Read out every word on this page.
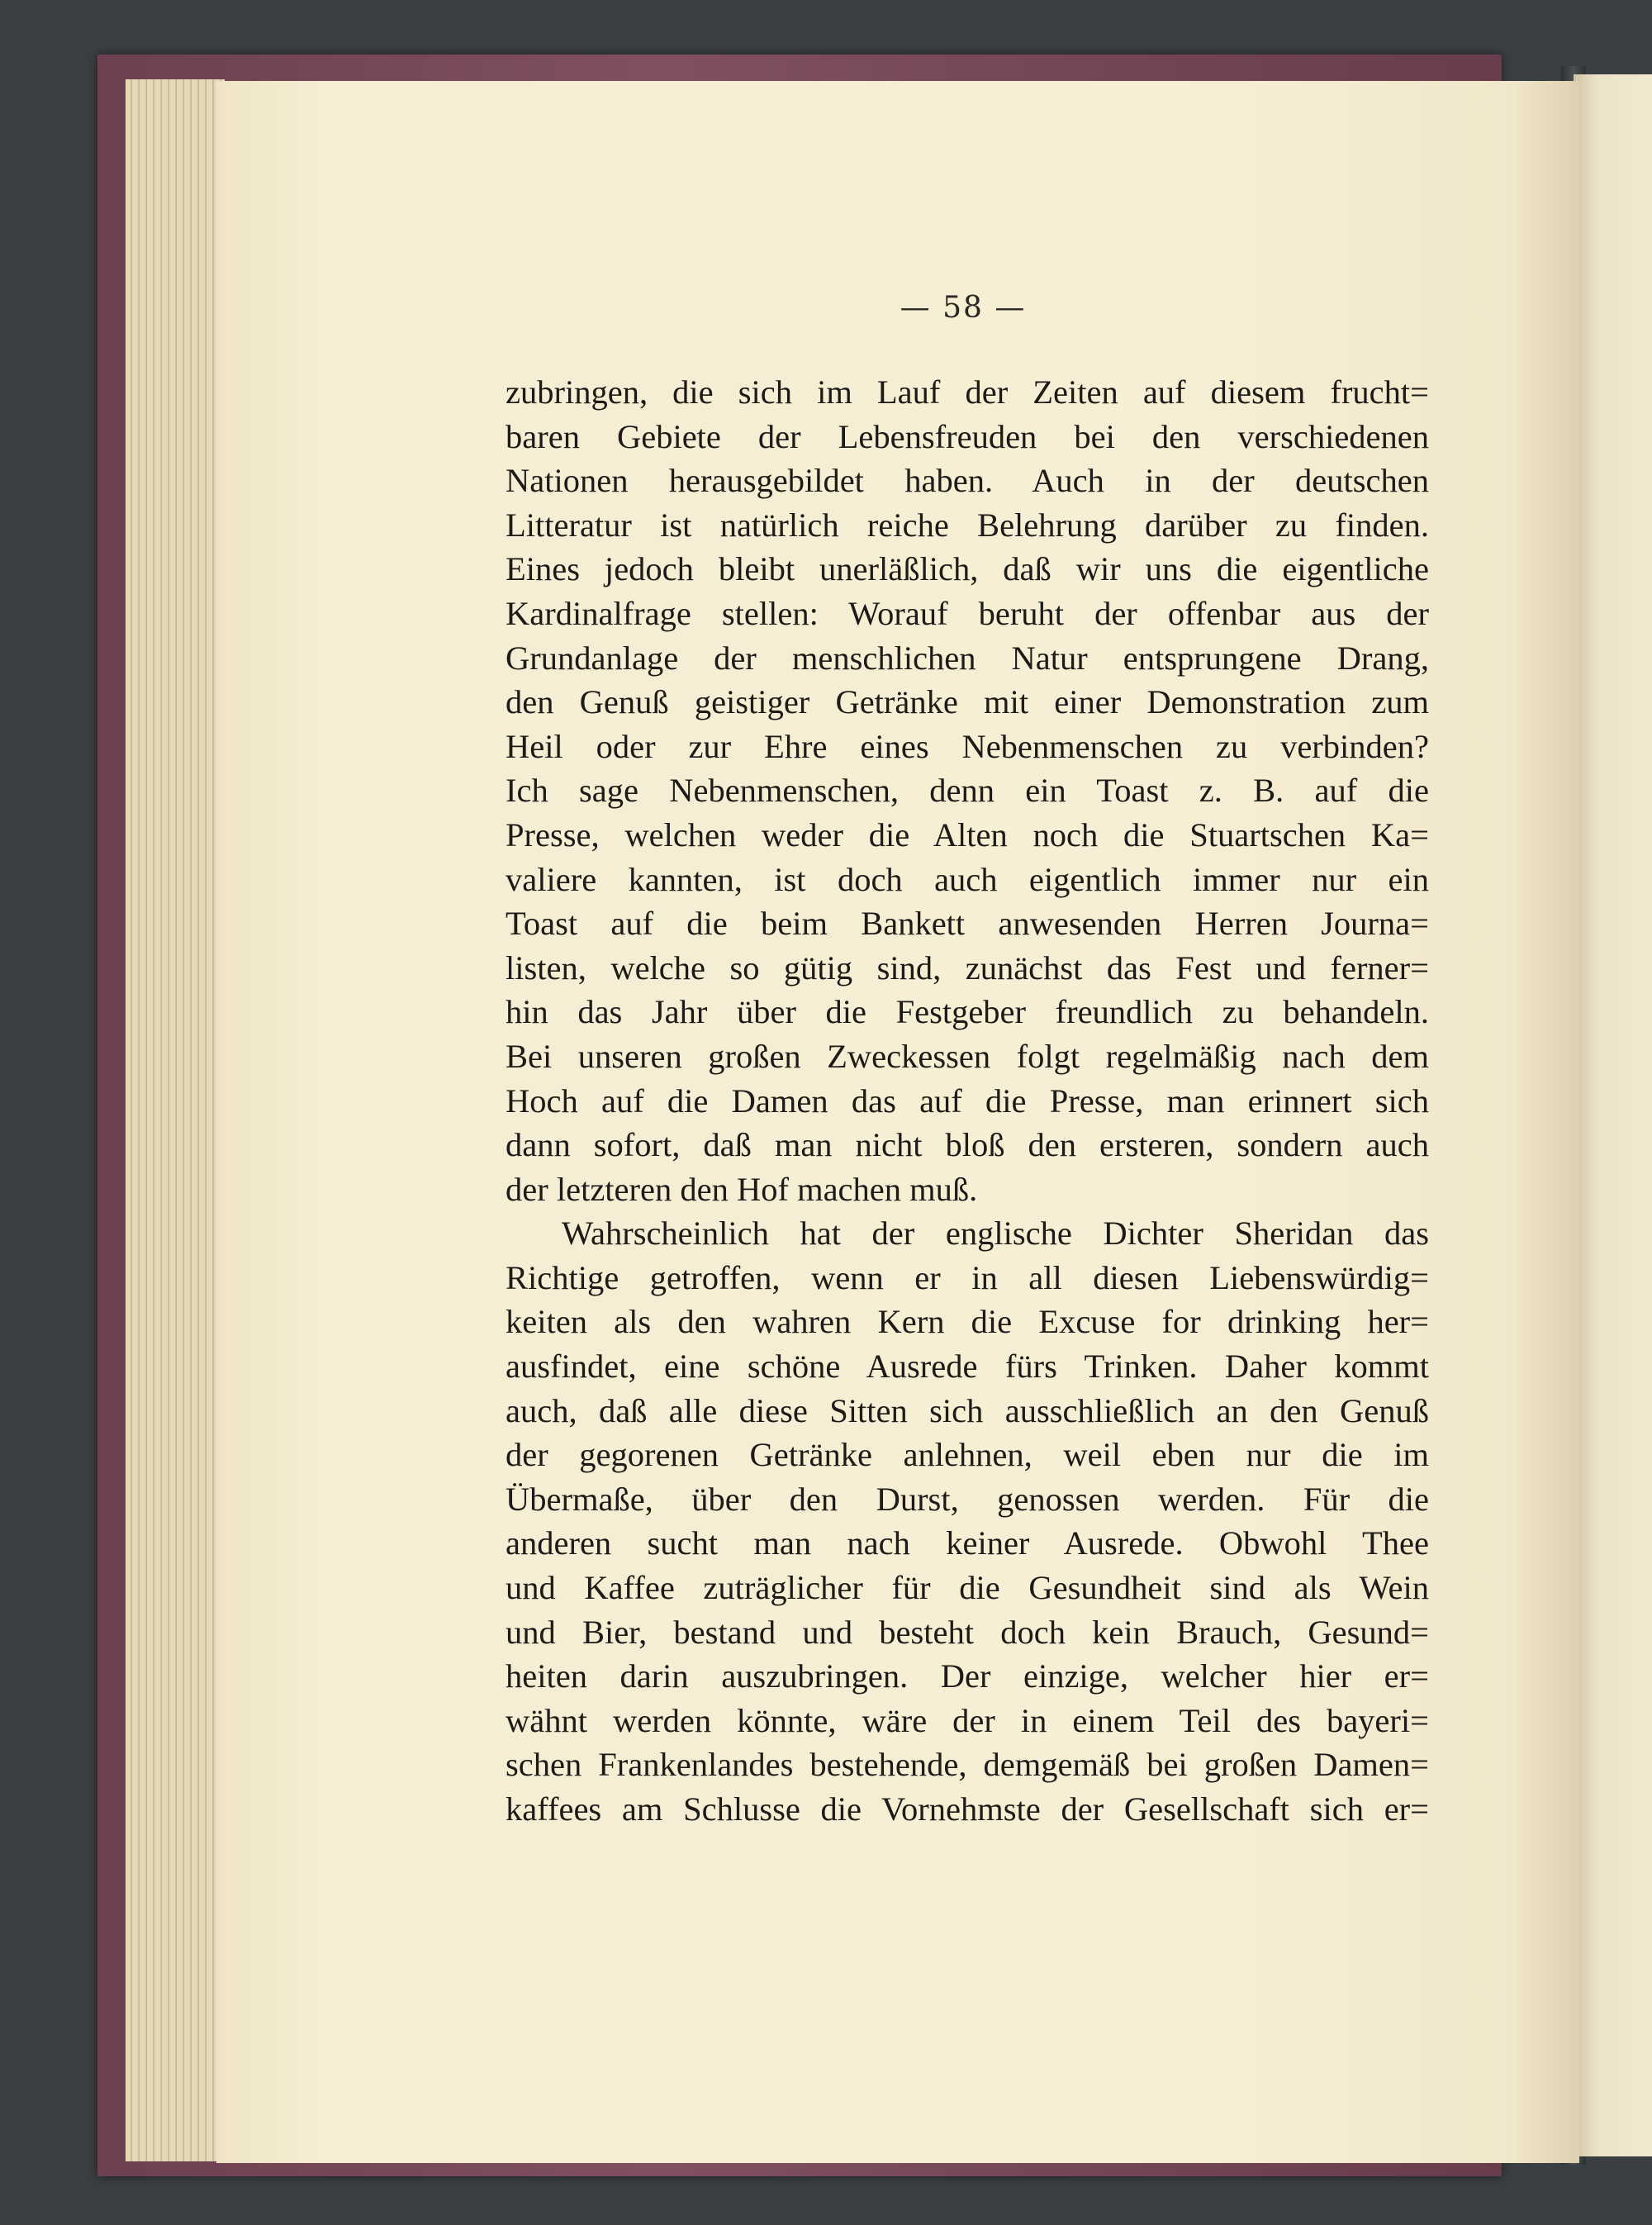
— 58 —
zubringen, die sich im Lauf der Zeiten auf diesem frucht=
baren Gebiete der Lebensfreuden bei den verschiedenen
Nationen herausgebildet haben. Auch in der deutschen
Litteratur ist natürlich reiche Belehrung darüber zu finden.
Eines jedoch bleibt unerläßlich, daß wir uns die eigentliche
Kardinalfrage stellen: Worauf beruht der offenbar aus der
Grundanlage der menschlichen Natur entsprungene Drang,
den Genuß geistiger Getränke mit einer Demonstration zum
Heil oder zur Ehre eines Nebenmenschen zu verbinden?
Ich sage Nebenmenschen, denn ein Toast z. B. auf die
Presse, welchen weder die Alten noch die Stuartschen Ka=
valiere kannten, ist doch auch eigentlich immer nur ein
Toast auf die beim Bankett anwesenden Herren Journa=
listen, welche so gütig sind, zunächst das Fest und ferner=
hin das Jahr über die Festgeber freundlich zu behandeln.
Bei unseren großen Zweckessen folgt regelmäßig nach dem
Hoch auf die Damen das auf die Presse, man erinnert sich
dann sofort, daß man nicht bloß den ersteren, sondern auch
der letzteren den Hof machen muß.
Wahrscheinlich hat der englische Dichter Sheridan das
Richtige getroffen, wenn er in all diesen Liebenswürdig=
keiten als den wahren Kern die Excuse for drinking her=
ausfindet, eine schöne Ausrede fürs Trinken. Daher kommt
auch, daß alle diese Sitten sich ausschließlich an den Genuß
der gegorenen Getränke anlehnen, weil eben nur die im
Übermaße, über den Durst, genossen werden. Für die
anderen sucht man nach keiner Ausrede. Obwohl Thee
und Kaffee zuträglicher für die Gesundheit sind als Wein
und Bier, bestand und besteht doch kein Brauch, Gesund=
heiten darin auszubringen. Der einzige, welcher hier er=
wähnt werden könnte, wäre der in einem Teil des bayeri=
schen Frankenlandes bestehende, demgemäß bei großen Damen=
kaffees am Schlusse die Vornehmste der Gesellschaft sich er=
